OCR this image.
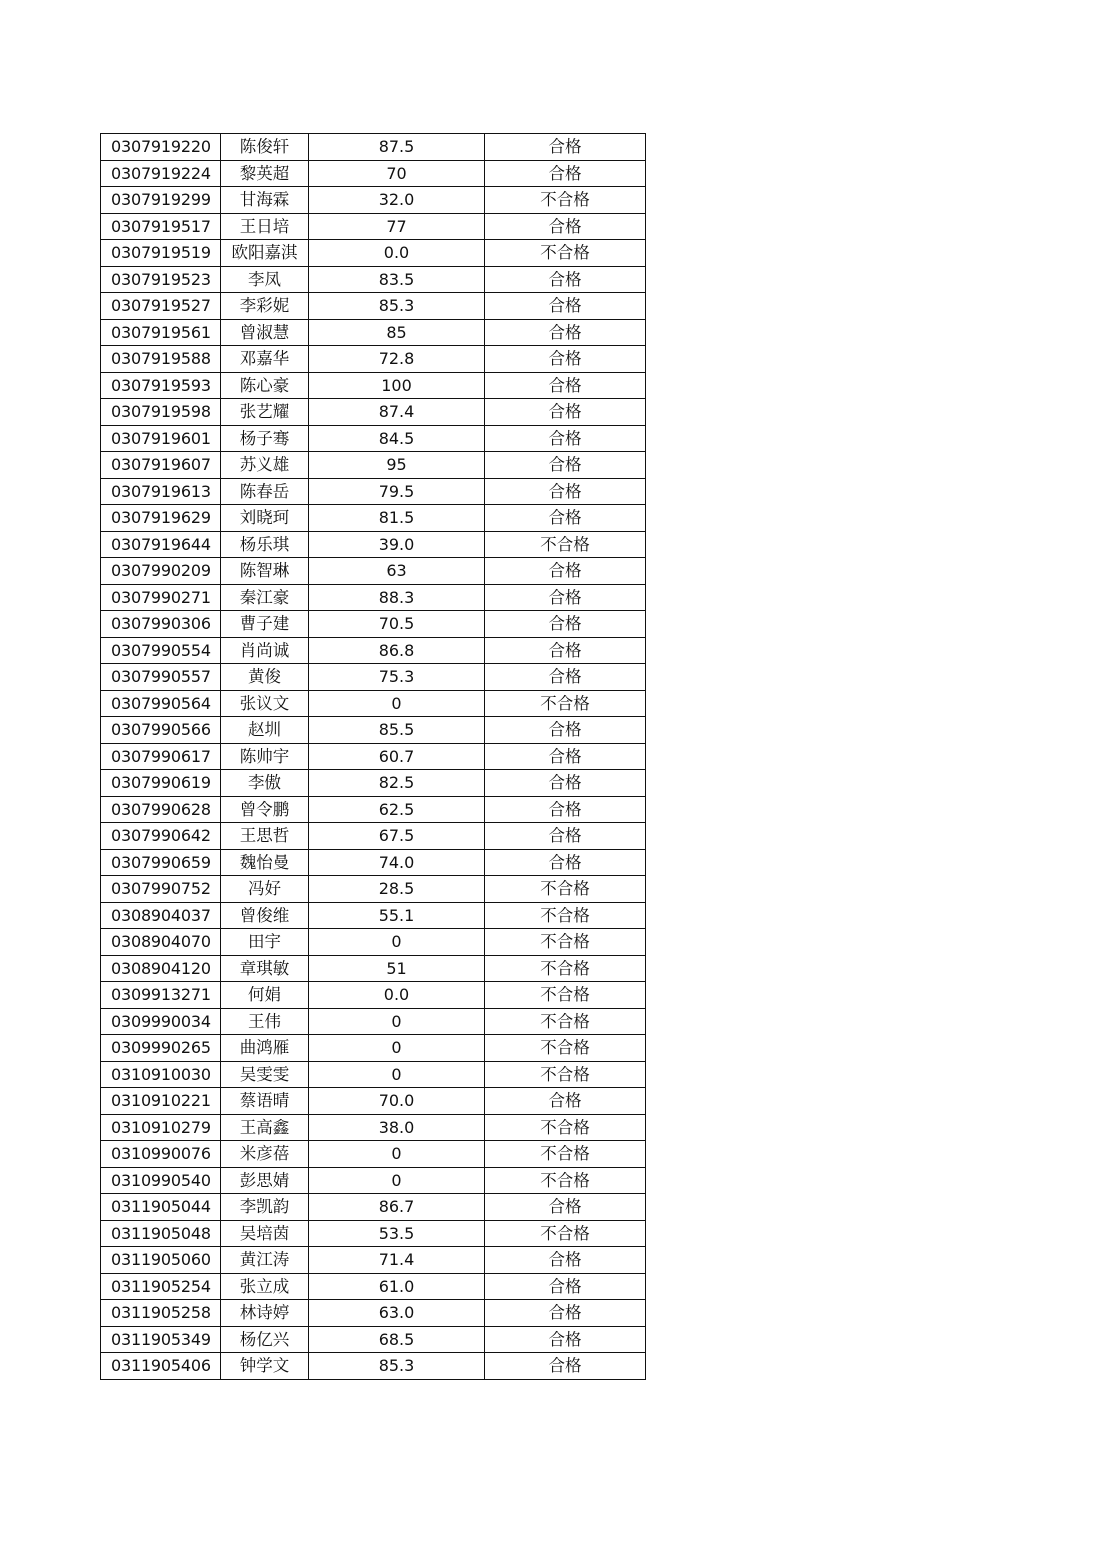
0307919220	陈俊轩	87.5	合格
0307919224	黎英超	70	合格
0307919299	甘海霖	32.0	不合格
0307919517	王日培	77	合格
0307919519	欧阳嘉淇	0.0	不合格
0307919523	李凤	83.5	合格
0307919527	李彩妮	85.3	合格
0307919561	曾淑慧	85	合格
0307919588	邓嘉华	72.8	合格
0307919593	陈心豪	100	合格
0307919598	张艺耀	87.4	合格
0307919601	杨子骞	84.5	合格
0307919607	苏义雄	95	合格
0307919613	陈春岳	79.5	合格
0307919629	刘晓珂	81.5	合格
0307919644	杨乐琪	39.0	不合格
0307990209	陈智琳	63	合格
0307990271	秦江豪	88.3	合格
0307990306	曹子建	70.5	合格
0307990554	肖尚诚	86.8	合格
0307990557	黄俊	75.3	合格
0307990564	张议文	0	不合格
0307990566	赵圳	85.5	合格
0307990617	陈帅宇	60.7	合格
0307990619	李傲	82.5	合格
0307990628	曾令鹏	62.5	合格
0307990642	王思哲	67.5	合格
0307990659	魏怡曼	74.0	合格
0307990752	冯好	28.5	不合格
0308904037	曾俊维	55.1	不合格
0308904070	田宇	0	不合格
0308904120	章琪敏	51	不合格
0309913271	何娟	0.0	不合格
0309990034	王伟	0	不合格
0309990265	曲鸿雁	0	不合格
0310910030	吴雯雯	0	不合格
0310910221	蔡语晴	70.0	合格
0310910279	王高鑫	38.0	不合格
0310990076	米彦蓓	0	不合格
0310990540	彭思婧	0	不合格
0311905044	李凯韵	86.7	合格
0311905048	吴培茵	53.5	不合格
0311905060	黄江涛	71.4	合格
0311905254	张立成	61.0	合格
0311905258	林诗婷	63.0	合格
0311905349	杨亿兴	68.5	合格
0311905406	钟学文	85.3	合格
